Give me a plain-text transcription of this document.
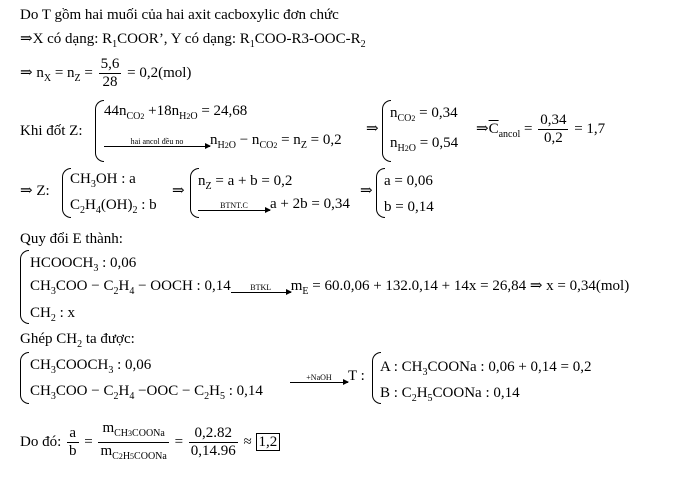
Do T gồm hai muối của hai axit cacboxylic đơn chức
⇒X có dạng: $R_1COOR$’, Y có dạng: $R_1COO-R3-OOC-R_2$
⇒ $n_X = n_Z = \frac{5,6}{28} = 0,2(mol)$
Khi đốt Z:
$44n_{CO2} +18n_{H2O} = 24,68$
hai ancol đều no	$n_{H2O} - n_{CO2} = n_Z = 0,2$
⇒
$n_{CO2} = 0,34$
$n_{H2O} = 0,54$
$\Rightarrow\overline{C}_{ancol} = \frac{0,34}{0,2} = 1,7$
⇒ Z:
$CH_3OH$ : a
$C_2H_4(OH)_2$ : b
⇒
$n_Z = a + b = 0,2$
BTNT.C	a + 2b = 0,34
⇒
a = 0,06
b = 0,14
Quy đổi E thành:
$HCOOCH_3$ : 0,06
$CH_3COO - C_2H_4$ − OOCH : 0,14	BTKL	$m_E = 60.0,06 + 132.0,14 + 14x = 26,84$ ⇒ x = 0,34(mol)
$CH_2$ : x
Ghép $CH_2$ ta được:
$CH_3COOCH_3$ : 0,06
$CH_3COO - C_2H_4 -OOC - C_2H_5$ : 0,14
+NaOH	T :
A : $CH_3COONa$ : 0,06 + 0,14 = 0,2
B : $C_2H_5COONa$ : 0,14
Do đó: $\frac{a}{b} = \frac{m_{CH3COONa}}{m_{C2H5COONa}} = \frac{0,2.82}{0,14.96} \approx 1,2$
